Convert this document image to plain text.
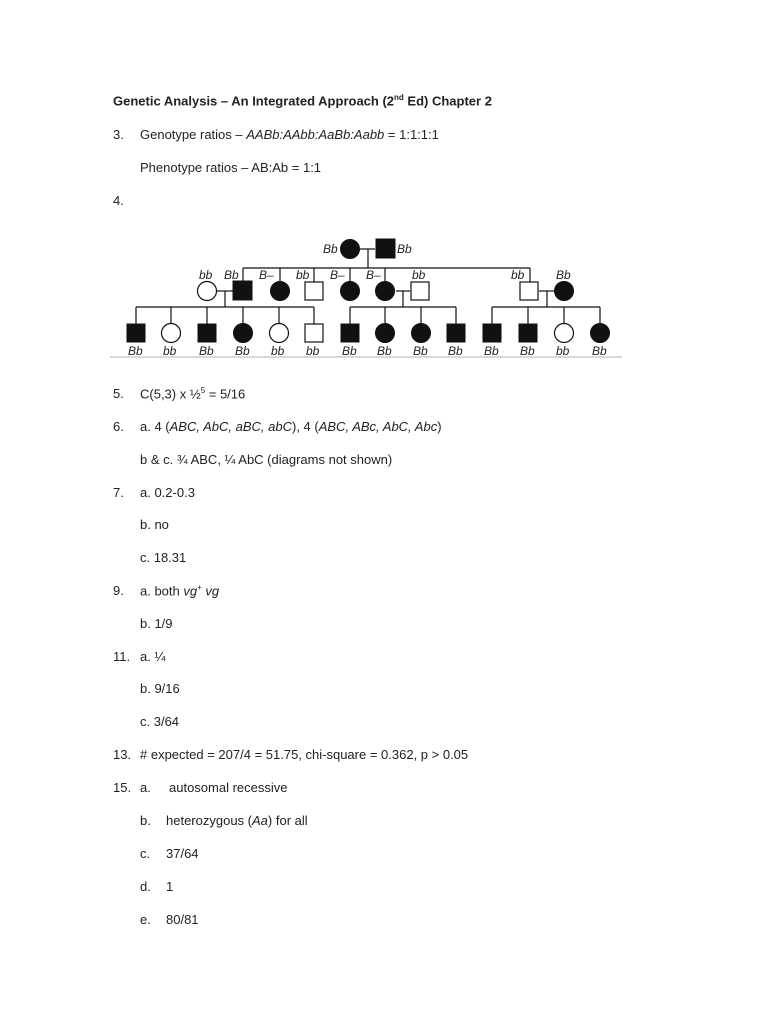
Genetic Analysis – An Integrated Approach (2nd Ed) Chapter 2
3. Genotype ratios – AABb:AAbb:AaBb:Aabb = 1:1:1:1
Phenotype ratios – AB:Ab = 1:1
4.
Bb	Bb
bb Bb B– bb B– B–	bb	bb	Bb
Bb bb Bb Bb bb bb Bb Bb Bb Bb Bb Bb bb Bb
5. C(5,3) x ½$^5$ = 5/16
6. a. 4 (ABC, AbC, aBC, abC), 4 (ABC, ABc, AbC, Abc)
b & c. ¾ ABC, ¼ AbC (diagrams not shown)
7. a. 0.2-0.3
b. no
c. 18.31
9. a. both vg+ vg
b. 1/9
11. a. ¼
b. 9/16
c. 3/64
13. # expected = 207/4 = 51.75, chi-square = 0.362, p > 0.05
15. a. autosomal recessive
b. heterozygous (Aa) for all
c. 37/64
d. 1
e. 80/81
